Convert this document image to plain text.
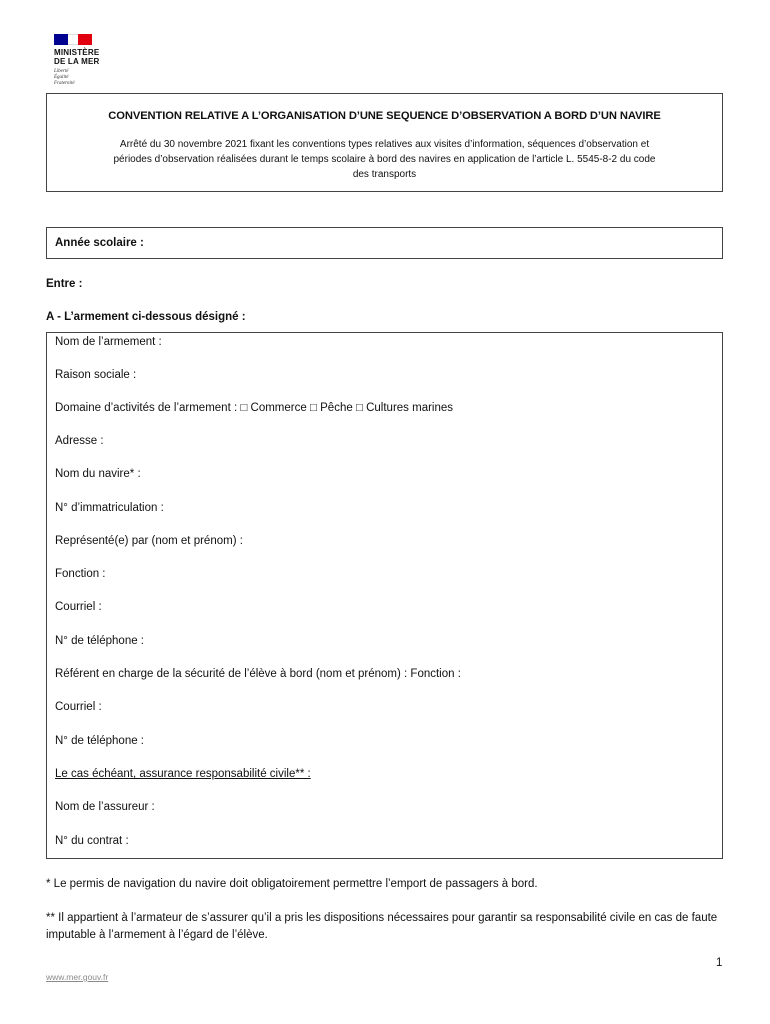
MINISTÈRE
DE LA MER
Liberté
Égalité
Fraternité
CONVENTION RELATIVE A L’ORGANISATION D’UNE SEQUENCE D’OBSERVATION A BORD D’UN NAVIRE
Arrêté du 30 novembre 2021 fixant les conventions types relatives aux visites d’information, séquences d’observation et
périodes d’observation réalisées durant le temps scolaire à bord des navires en application de l’article L. 5545-8-2 du code
des transports
Année scolaire :
Entre :
A - L’armement ci-dessous désigné :
Nom de l’armement :
Raison sociale :
Domaine d’activités de l’armement : □ Commerce □ Pêche □ Cultures marines
Adresse :
Nom du navire* :
N° d’immatriculation :
Représenté(e) par (nom et prénom) :
Fonction :
Courriel :
N° de téléphone :
Référent en charge de la sécurité de l’élève à bord (nom et prénom) : Fonction :
Courriel :
N° de téléphone :
Le cas échéant, assurance responsabilité civile** :
Nom de l’assureur :
N° du contrat :
* Le permis de navigation du navire doit obligatoirement permettre l’emport de passagers à bord.
** Il appartient à l’armateur de s’assurer qu’il a pris les dispositions nécessaires pour garantir sa responsabilité civile en cas de faute imputable à l’armement à l’égard de l’élève.
1
www.mer.gouv.fr
